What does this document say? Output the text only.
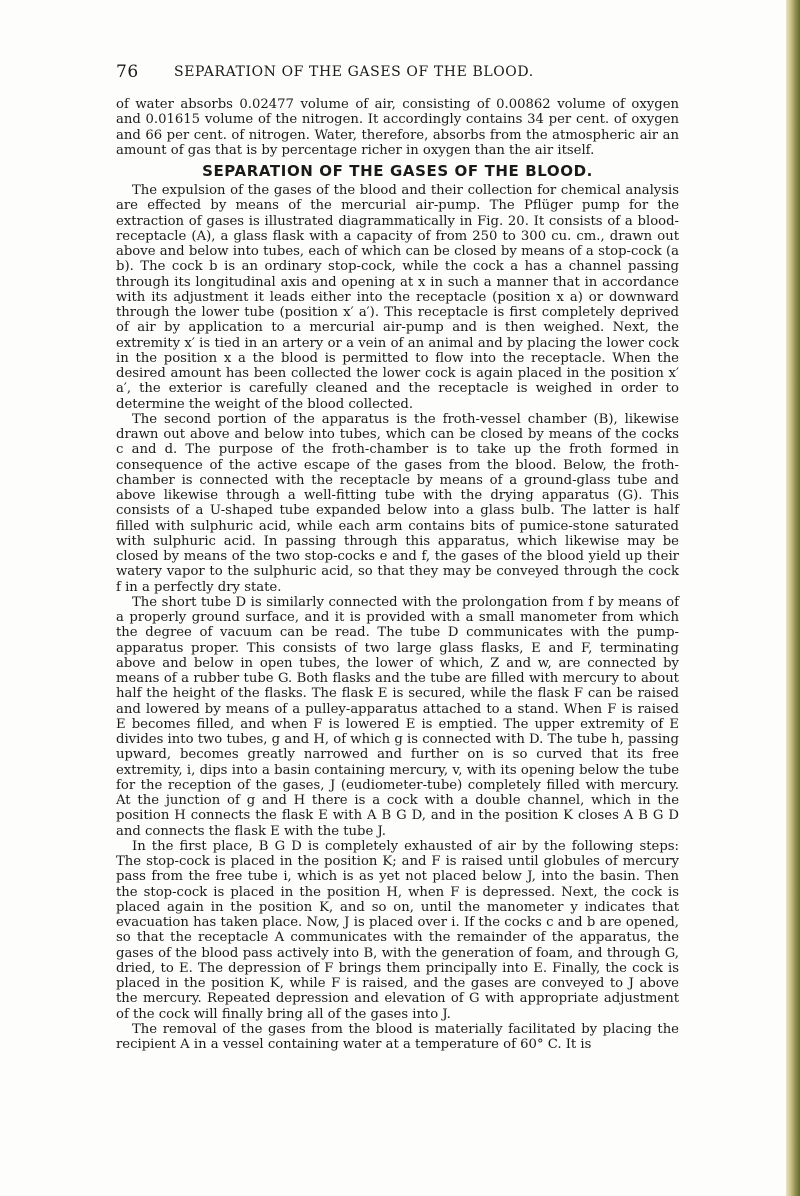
76	SEPARATION OF THE GASES OF THE BLOOD.

of water absorbs 0.02477 volume of air, consisting of 0.00862 volume of oxygen and 0.01615 volume of the nitrogen. It accordingly contains 34 per cent. of oxygen and 66 per cent. of nitrogen. Water, therefore, absorbs from the atmospheric air an amount of gas that is by percentage richer in oxygen than the air itself.

SEPARATION OF THE GASES OF THE BLOOD.

The expulsion of the gases of the blood and their collection for chemical analysis are effected by means of the mercurial air-pump. The Pflüger pump for the extraction of gases is illustrated diagrammatically in Fig. 20. It consists of a blood-receptacle (A), a glass flask with a capacity of from 250 to 300 cu. cm., drawn out above and below into tubes, each of which can be closed by means of a stop-cock (a b). The cock b is an ordinary stop-cock, while the cock a has a channel passing through its longitudinal axis and opening at x in such a manner that in accordance with its adjustment it leads either into the receptacle (position x a) or downward through the lower tube (position x′ a′). This receptacle is first completely deprived of air by application to a mercurial air-pump and is then weighed. Next, the extremity x′ is tied in an artery or a vein of an animal and by placing the lower cock in the position x a the blood is permitted to flow into the receptacle. When the desired amount has been collected the lower cock is again placed in the position x′ a′, the exterior is carefully cleaned and the receptacle is weighed in order to determine the weight of the blood collected.

The second portion of the apparatus is the froth-vessel chamber (B), likewise drawn out above and below into tubes, which can be closed by means of the cocks c and d. The purpose of the froth-chamber is to take up the froth formed in consequence of the active escape of the gases from the blood. Below, the froth-chamber is connected with the receptacle by means of a ground-glass tube and above likewise through a well-fitting tube with the drying apparatus (G). This consists of a U-shaped tube expanded below into a glass bulb. The latter is half filled with sulphuric acid, while each arm contains bits of pumice-stone saturated with sulphuric acid. In passing through this apparatus, which likewise may be closed by means of the two stop-cocks e and f, the gases of the blood yield up their watery vapor to the sulphuric acid, so that they may be conveyed through the cock f in a perfectly dry state.

The short tube D is similarly connected with the prolongation from f by means of a properly ground surface, and it is provided with a small manometer from which the degree of vacuum can be read. The tube D communicates with the pump-apparatus proper. This consists of two large glass flasks, E and F, terminating above and below in open tubes, the lower of which, Z and w, are connected by means of a rubber tube G. Both flasks and the tube are filled with mercury to about half the height of the flasks. The flask E is secured, while the flask F can be raised and lowered by means of a pulley-apparatus attached to a stand. When F is raised E becomes filled, and when F is lowered E is emptied. The upper extremity of E divides into two tubes, g and H, of which g is connected with D. The tube h, passing upward, becomes greatly narrowed and further on is so curved that its free extremity, i, dips into a basin containing mercury, v, with its opening below the tube for the reception of the gases, J (eudiometer-tube) completely filled with mercury. At the junction of g and H there is a cock with a double channel, which in the position H connects the flask E with A B G D, and in the position K closes A B G D and connects the flask E with the tube J.

In the first place, B G D is completely exhausted of air by the following steps: The stop-cock is placed in the position K; and F is raised until globules of mercury pass from the free tube i, which is as yet not placed below J, into the basin. Then the stop-cock is placed in the position H, when F is depressed. Next, the cock is placed again in the position K, and so on, until the manometer y indicates that evacuation has taken place. Now, J is placed over i. If the cocks c and b are opened, so that the receptacle A communicates with the remainder of the apparatus, the gases of the blood pass actively into B, with the generation of foam, and through G, dried, to E. The depression of F brings them principally into E. Finally, the cock is placed in the position K, while F is raised, and the gases are conveyed to J above the mercury. Repeated depression and elevation of G with appropriate adjustment of the cock will finally bring all of the gases into J.

The removal of the gases from the blood is materially facilitated by placing the recipient A in a vessel containing water at a temperature of 60° C. It is
